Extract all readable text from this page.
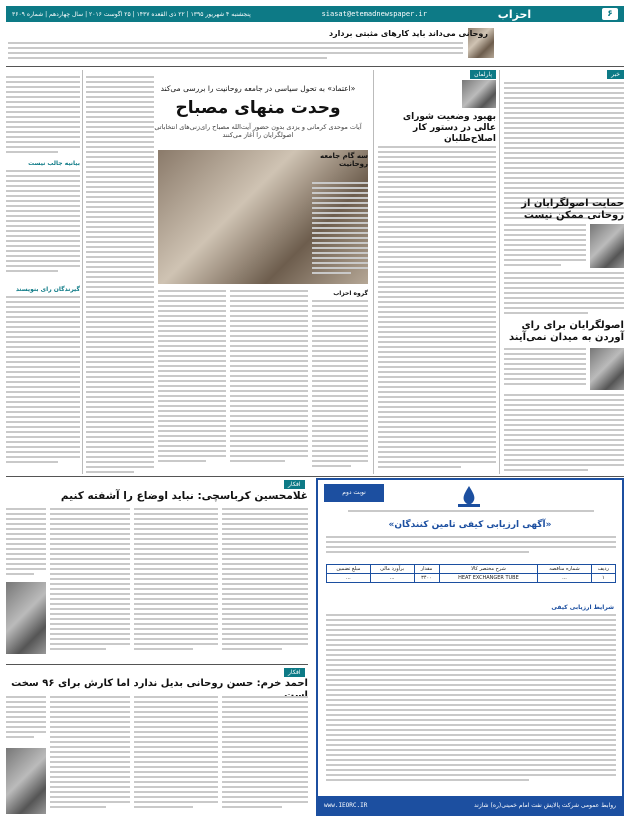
۶
احزاب
siasat@etemadnewspaper.ir
پنجشنبه ۴ شهریور ۱۳۹۵ | ۲۲ ذی القعده ۱۴۳۷ | ۲۵ اگوست ۲۰۱۶ | سال چهاردهم | شماره ۳۶۰۹
روحانی می‌داند باید کارهای مثبتی بردارد
خبر
حمایت اصولگرایان از روحانی ممکن نیست
اصولگرایان برای رای آوردن به میدان نمی‌آیند
پارلمان
بهبود وضعیت شورای عالی در دستور کار اصلاح‌طلبان
«اعتماد» به تحول سیاسی در جامعه روحانیت را بررسی می‌کند
وحدت منهای مصباح
آیات موحدی کرمانی و یزدی بدون حضور آیت‌الله مصباح رای‌زنی‌های انتخاباتی اصولگرایان را آغاز می‌کنند
سه گام جامعه روحانیت
گروه احزاب
بیانیه جالب نیست
گیرندگان رای بنویسند
افکار
غلامحسین کرباسچی: نباید اوضاع را آشفته کنیم
افکار
احمد خرم: حسن روحانی بدیل ندارد اما کارش برای ۹۶ سخت
نوبت دوم
«آگهی ارزیابی کیفی تامین کنندگان»
ردیف	شماره مناقصه	شرح مختصر کالا	مقدار	برآورد مالی	مبلغ تضمین
۱	...	HEAT EXCHANGER TUBE	۳۴۰۰	...	...
شرایط ارزیابی کیفی
روابط عمومی شرکت پالایش نفت امام خمینی(ره) شازند
www.IEORC.IR
